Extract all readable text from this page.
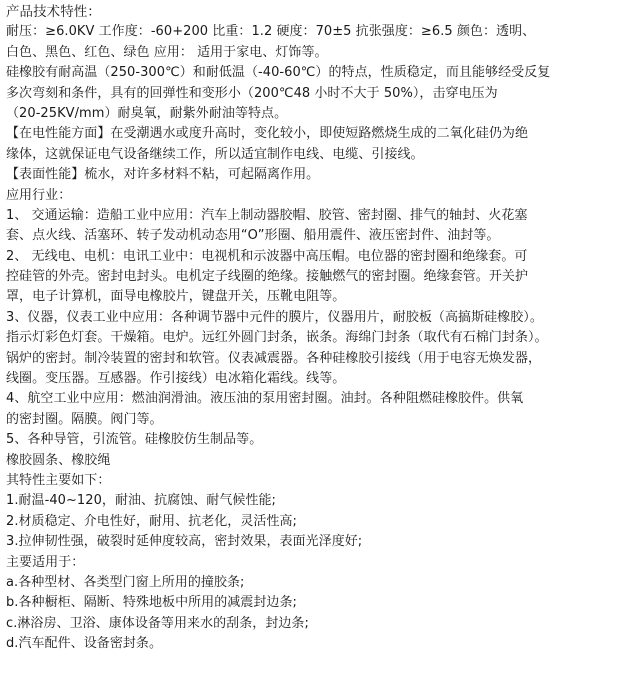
产品技术特性：
耐压：≥6.0KV 工作度：-60+200 比重：1.2 硬度：70±5 抗张强度：≥6.5 颜色：透明、
白色、黑色、红色、绿色 应用： 适用于家电、灯饰等。
硅橡胶有耐高温（250-300℃）和耐低温（-40-60℃）的特点，性质稳定，而且能够经受反复
多次弯刻和条件，具有的回弹性和变形小（200℃48 小时不大于 50%），击穿电压为
（20-25KV/mm）耐臭氧，耐紫外耐油等特点。
【在电性能方面】在受潮遇水或度升高时，变化较小，即使短路燃烧生成的二氧化硅仍为绝
缘体，这就保证电气设备继续工作，所以适宜制作电线、电缆、引接线。
【表面性能】梳水，对许多材料不粘，可起隔离作用。
应用行业：
1、 交通运输：造船工业中应用：汽车上制动器胶帽、胶管、密封圈、排气的轴封、火花塞
套、点火线、活塞环、转子发动机动态用“O”形圈、船用震件、液压密封件、油封等。
2、 无线电、电机：电讯工业中：电视机和示波器中高压帽。电位器的密封圈和绝缘套。可
控硅管的外壳。密封电封头。电机定子线圈的绝缘。接触燃气的密封圈。绝缘套管。开关护
罩，电子计算机，面导电橡胶片，键盘开关，压靴电阻等。
3、仪器，仪表工业中应用：各种调节器中元件的膜片，仪器用片，耐胶板（高搞斯硅橡胶）。
指示灯彩色灯套。干燥箱。电炉。远红外圆门封条，嵌条。海绵门封条（取代有石棉门封条）。
锅炉的密封。制冷装置的密封和软管。仪表减震器。各种硅橡胶引接线（用于电容无焕发器，
线圈。变压器。互感器。作引接线）电冰箱化霜线。线等。
4、航空工业中应用：燃油润滑油。液压油的泵用密封圈。油封。各种阻燃硅橡胶件。供氧
的密封圈。隔膜。阀门等。
5、各种导管，引流管。硅橡胶仿生制品等。
橡胶圆条、橡胶绳
其特性主要如下：
1.耐温-40~120，耐油、抗腐蚀、耐气候性能;
2.材质稳定、介电性好，耐用、抗老化，灵活性高;
3.拉伸韧性强，破裂时延伸度较高，密封效果，表面光泽度好;
主要适用于：
a.各种型材、各类型门窗上所用的撞胶条;
b.各种橱柜、隔断、特殊地板中所用的减震封边条;
c.淋浴房、卫浴、康体设备等用来水的刮条，封边条;
d.汽车配件、设备密封条。
